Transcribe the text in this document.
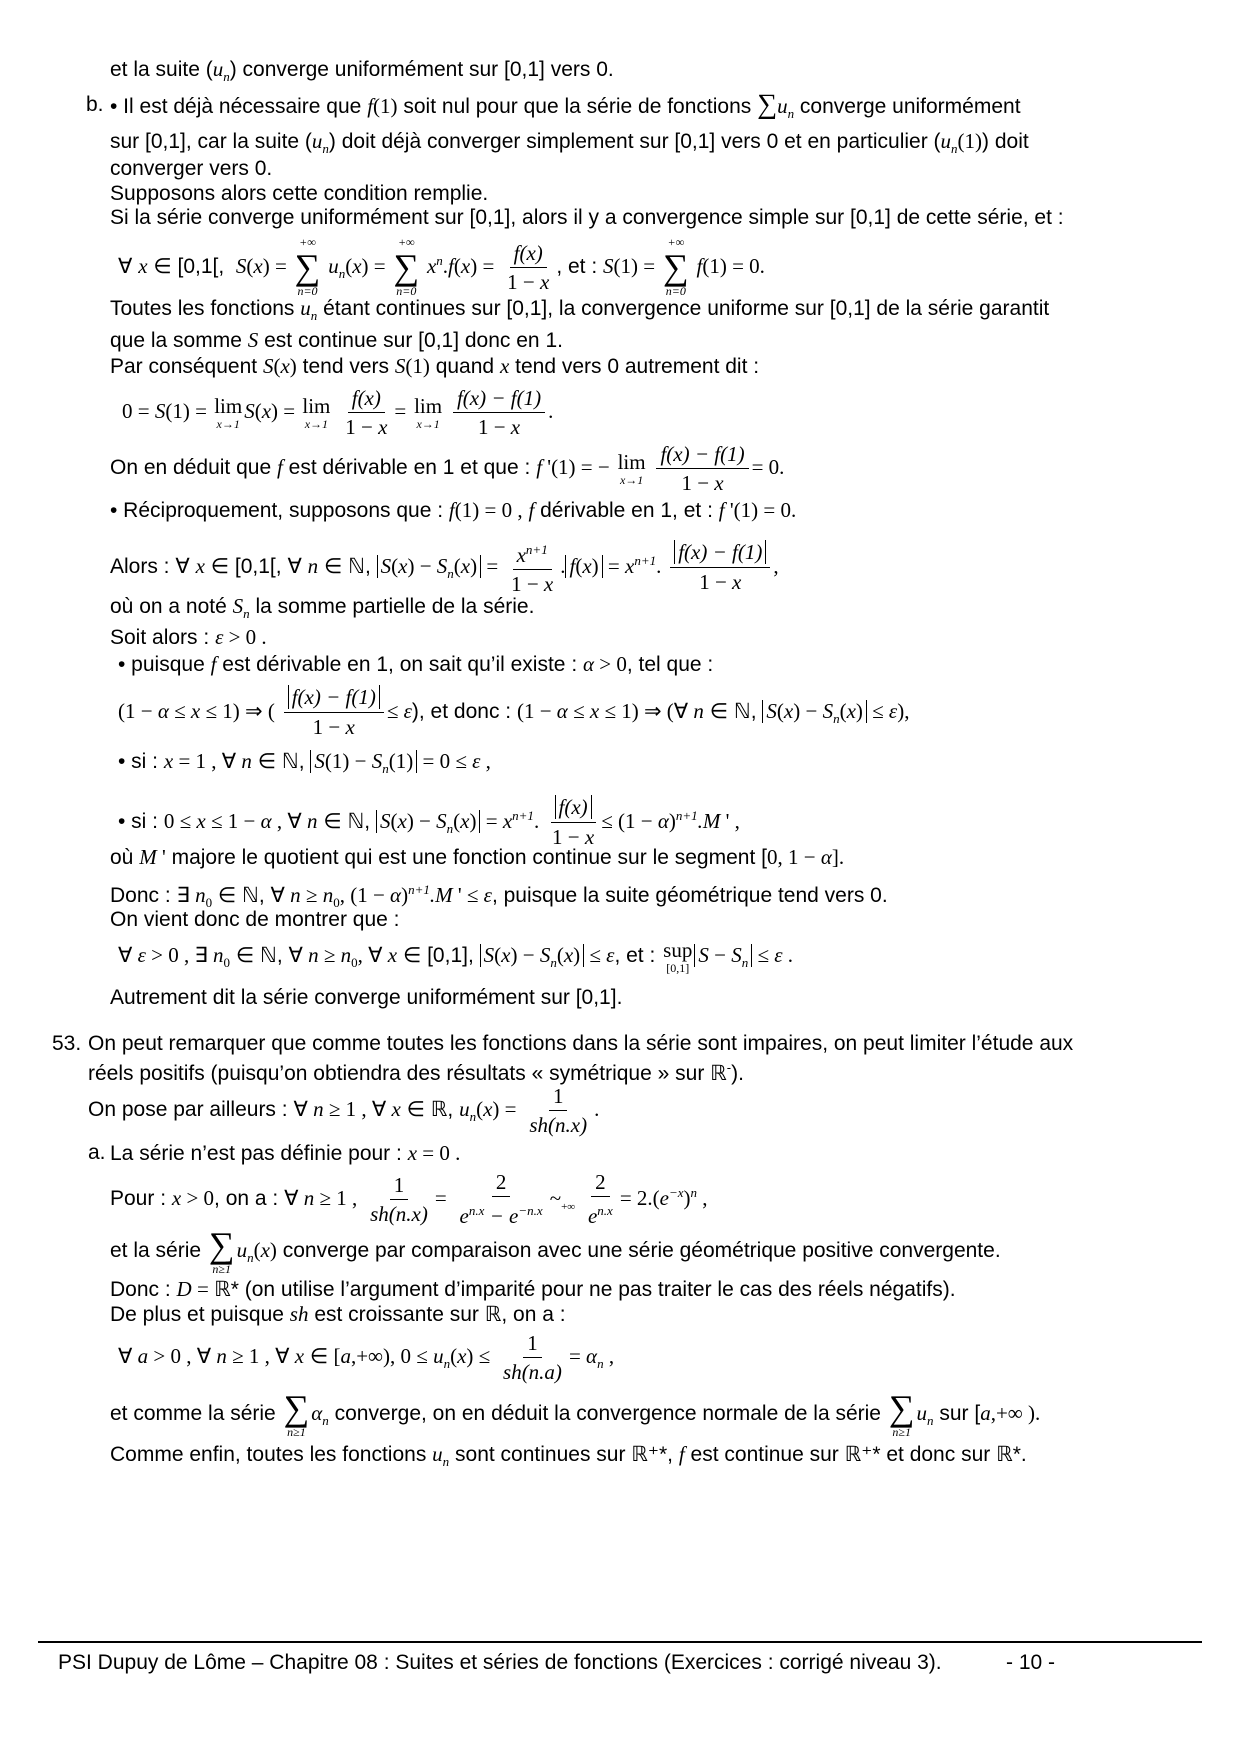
et la suite $(u_n)$ converge uniformément sur [0,1] vers 0.
b. • Il est déjà nécessaire que f(1) soit nul pour que la série de fonctions $\sum u_n$ converge uniformément
sur [0,1], car la suite $(u_n)$ doit déjà converger simplement sur [0,1] vers 0 et en particulier $(u_n(1))$ doit
converger vers 0.
Supposons alors cette condition remplie.
Si la série converge uniformément sur [0,1], alors il y a convergence simple sur [0,1] de cette série, et :
∀ x ∈ [0,1[, S(x) =
+∞
∑
n=0
$u_n(x)$ =
+∞
∑
n=0
$x^n.f(x) = \frac{f(x)}{1 - x}$ , et : S(1) =
+∞
∑
n=0
f(1) = 0.
Toutes les fonctions $u_n$ étant continues sur [0,1], la convergence uniforme sur [0,1] de la série garantit
que la somme S est continue sur [0,1] donc en 1.
Par conséquent S(x) tend vers S(1) quand x tend vers 0 autrement dit :
0 = S(1) = lim
x→1
S(x) = lim
x→1
$\frac{f(x)}{1 - x} = \lim$
x→1
$\frac{f(x) - f(1)}{1 - x}$ .
On en déduit que f est dérivable en 1 et que : f '(1) = − lim
x→1
$\frac{f(x) - f(1)}{1 - x} = 0$.
• Réciproquement, supposons que : f(1) = 0 , f dérivable en 1, et : f '(1) = 0.
Alors : ∀ x ∈ [0,1[, ∀ n ∈ ℕ, $S(x) - S_n(x) = \frac{x^{n+1}}{1 - x}$ . $f(x) = x^{n+1}$. $\frac{f(x) - f(1)}{1 - x}$ ,
où on a noté $S_n$ la somme partielle de la série.
Soit alors : ε > 0 .
• puisque f est dérivable en 1, on sait qu’il existe : α > 0, tel que :
(1 − α ≤ x ≤ 1) ⇒ ( $\frac{f(x) - f(1)}{1 - x} \le \varepsilon$), et donc : (1 − α ≤ x ≤ 1) ⇒ (∀ n ∈ ℕ, $S(x) - S_n(x) \le \varepsilon$),
• si : x = 1 , ∀ n ∈ ℕ, $S(1) - S_n(1) = 0 \le \varepsilon$ ,
• si : 0 ≤ x ≤ 1 − α , ∀ n ∈ ℕ, $S(x) - S_n(x) = x^{n+1}$. $\frac{f(x)}{1 - x} \le (1 - \alpha)^{n+1}.M$ ' ,
où M ' majore le quotient qui est une fonction continue sur le segment [0, 1 − α].
Donc : ∃ $n_0$ ∈ ℕ, ∀ $n \ge n_0$, $(1 - \alpha)^{n+1}.M$ ' ≤ ε, puisque la suite géométrique tend vers 0.
On vient donc de montrer que :
∀ ε > 0 , ∃ $n_0$ ∈ ℕ, ∀ $n \ge n_0$, ∀ x ∈ [0,1], $S(x) - S_n(x) \le \varepsilon$, et : sup
[0,1]
$S - S_n \le \varepsilon$ .
Autrement dit la série converge uniformément sur [0,1].
53. On peut remarquer que comme toutes les fonctions dans la série sont impaires, on peut limiter l’étude aux
réels positifs (puisqu’on obtiendra des résultats « symétrique » sur ℝ-).
On pose par ailleurs : ∀ n ≥ 1 , ∀ x ∈ ℝ, $u_n(x) = \frac{1}{sh(n.x)}$ .
a. La série n’est pas définie pour : x = 0 .
Pour : x > 0, on a : ∀ n ≥ 1 , $\frac{1}{sh(n.x)} = \frac{2}{e^{n.x} - e^{-n.x}}$ $\sim_{+\infty} \frac{2}{e^{n.x}} = 2.(e^{-x})^n$ ,
et la série ∑
n≥1
$u_n(x)$ converge par comparaison avec une série géométrique positive convergente.
Donc : D = ℝ* (on utilise l’argument d’imparité pour ne pas traiter le cas des réels négatifs).
De plus et puisque sh est croissante sur ℝ, on a :
∀ a > 0 , ∀ n ≥ 1 , ∀ x ∈ [a,+∞), $0 \le u_n(x) \le \frac{1}{sh(n.a)} = \alpha_n$ ,
et comme la série ∑
n≥1
$\alpha_n$ converge, on en déduit la convergence normale de la série ∑
n≥1
$u_n$ sur [a,+∞ ).
Comme enfin, toutes les fonctions $u_n$ sont continues sur ℝ⁺*, f est continue sur ℝ⁺* et donc sur ℝ*.
PSI Dupuy de Lôme – Chapitre 08 : Suites et séries de fonctions (Exercices : corrigé niveau 3).	- 10 -
